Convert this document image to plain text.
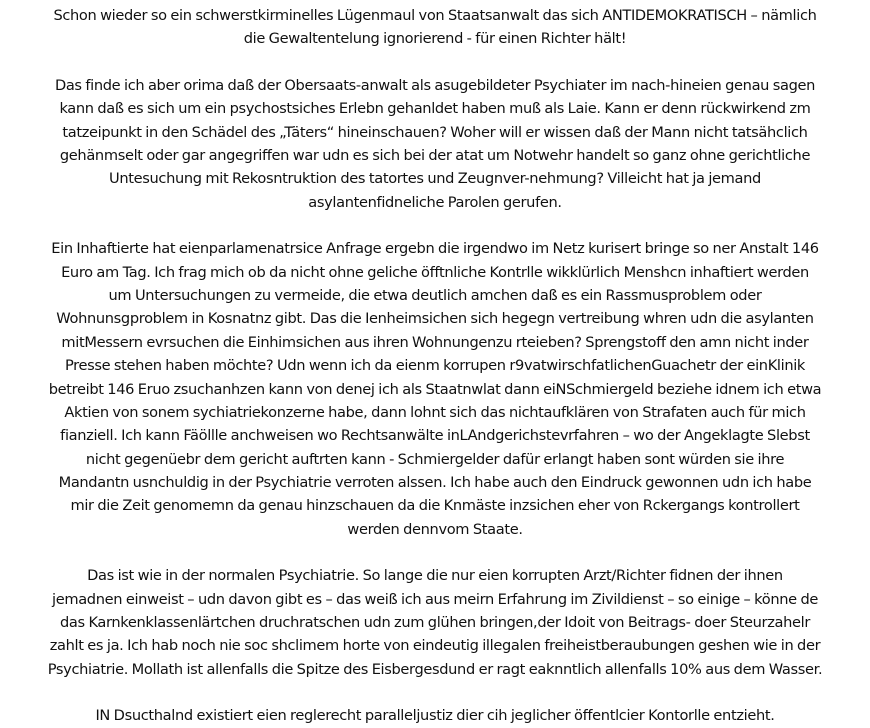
Schon wieder so ein schwerstkirminelles Lügenmaul von Staatsanwalt das sich ANTIDEMOKRATISCH – nämlich
die Gewaltentelung ignorierend - für einen Richter hält!

Das finde ich aber orima daß der Obersaats-anwalt als asugebildeter Psychiater im nach-hineien genau sagen
kann daß es sich um ein psychostsiches Erlebn gehanldet haben muß als Laie. Kann er denn rückwirkend zm
tatzeipunkt in den Schädel des „Täters“ hineinschauen? Woher will er wissen daß der Mann nicht tatsähclich
gehänmselt oder gar angegriffen war udn es sich bei der atat um Notwehr handelt so ganz ohne gerichtliche
Untesuchung mit Rekosntruktion des tatortes und Zeugnver-nehmung? Villeicht hat ja jemand
asylantenfidneliche Parolen gerufen.

Ein Inhaftierte hat eienparlamenatrsice Anfrage ergebn die irgendwo im Netz kurisert bringe so ner Anstalt 146
Euro am Tag. Ich frag mich ob da nicht ohne geliche öfftnliche Kontrlle wikklürlich Menshcn inhaftiert werden
um Untersuchungen zu vermeide, die etwa deutlich amchen daß es ein Rassmusproblem oder
Wohnunsgproblem in Kosnatnz gibt. Das die Ienheimsichen sich hegegn vertreibung whren udn die asylanten
mitMessern evrsuchen die Einhimsichen aus ihren Wohnungenzu rteieben? Sprengstoff den amn nicht inder
Presse stehen haben möchte? Udn wenn ich da eienm korrupen r9vatwirschfatlichenGuachetr der einKlinik
betreibt 146 Eruo zsuchanhzen kann von denej ich als Staatnwlat dann eiNSchmiergeld beziehe idnem ich etwa
Aktien von sonem sychiatriekonzerne habe, dann lohnt sich das nichtaufklären von Strafaten auch für mich
fianziell. Ich kann Fäöllle anchweisen wo Rechtsanwälte inLAndgerichstevrfahren – wo der Angeklagte Slebst
nicht gegenüebr dem gericht auftrten kann - Schmiergelder dafür erlangt haben sont würden sie ihre
Mandantn usnchuldig in der Psychiatrie verroten alssen. Ich habe auch den Eindruck gewonnen udn ich habe
mir die Zeit genomemn da genau hinzschauen da die Knmäste inzsichen eher von Rckergangs kontrollert
werden dennvom Staate.

Das ist wie in der normalen Psychiatrie. So lange die nur eien korrupten Arzt/Richter fidnen der ihnen
jemadnen einweist – udn davon gibt es – das weiß ich aus meirn Erfahrung im Zivildienst – so einige – könne de
das Karnkenklassenlärtchen druchratschen udn zum glühen bringen,der Idoit von Beitrags- doer Steurzahelr
zahlt es ja. Ich hab noch nie soc shclimem horte von eindeutig illegalen freiheistberaubungen geshen wie in der
Psychiatrie. Mollath ist allenfalls die Spitze des Eisbergesdund er ragt eaknntlich allenfalls 10% aus dem Wasser.

IN Dsucthalnd existiert eien reglerecht paralleljustiz dier cih jeglicher öffentlcier Kontorlle entzieht.
